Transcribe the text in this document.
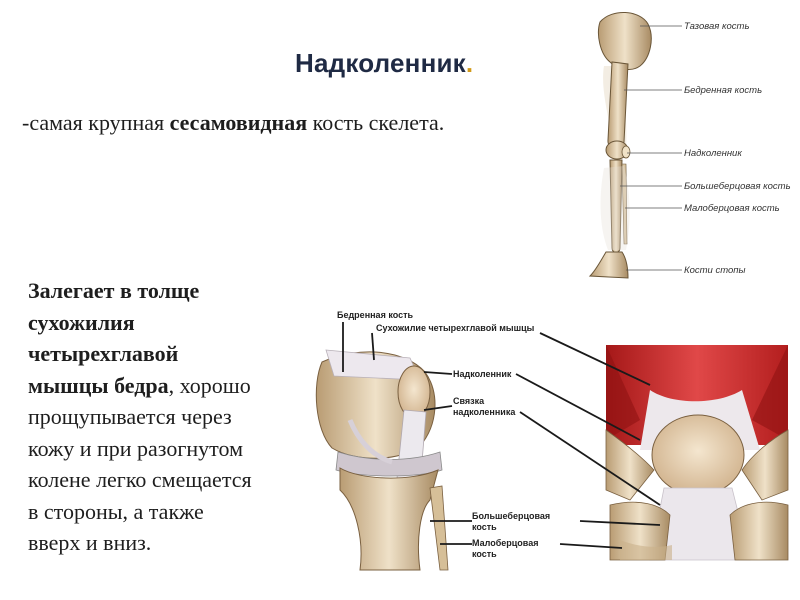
Надколенник.
-самая крупная сесамовидная кость скелета.
Залегает в толще
сухожилия
четырехглавой
мышцы бедра, хорошо
прощупывается через
кожу и при разогнутом
колене легко смещается
в стороны, а также
вверх и вниз.
Тазовая кость
Бедренная кость
Надколенник
Большеберцовая кость
Малоберцовая кость
Кости стопы
Бедренная кость
Сухожилие четырехглавой мышцы
Надколенник
Связка
надколенника
Большеберцовая
кость
Малоберцовая
кость
